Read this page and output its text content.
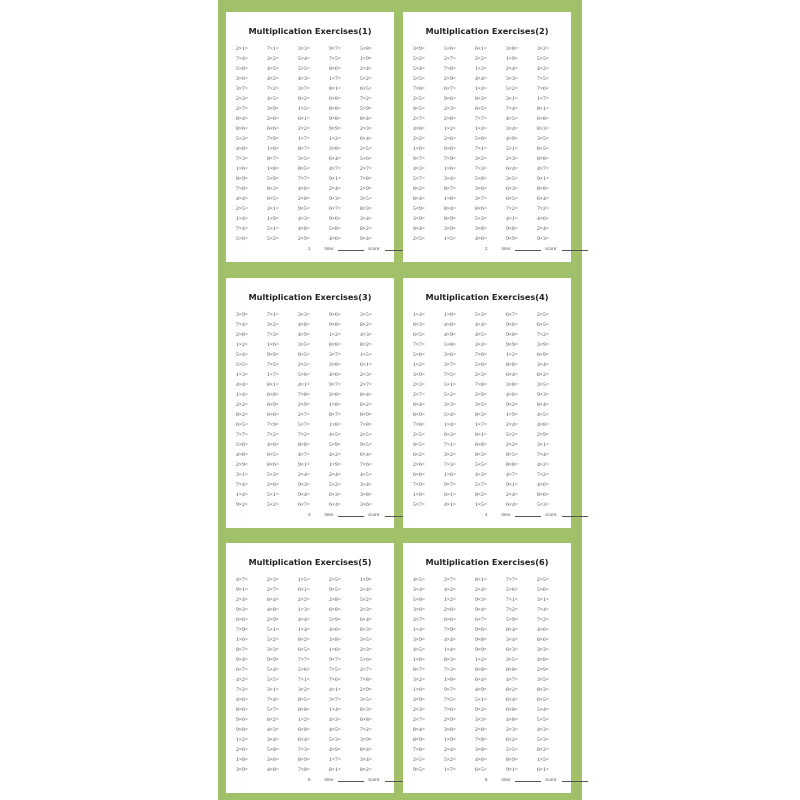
Multiplication Exercises(1)
2×1=	7×1=	3×3=	9×7=	5×8=
7×4=	3×2=	5×4=	7×5=	1×9=
5×8=	4×5=	5×5=	8×6=	2×4=
3×6=	4×2=	4×3=	1×7=	5×2=
3×7=	7×2=	3×7=	8×1=	6×5=
2×3=	4×5=	8×2=	6×8=	7×2=
2×7=	3×9=	1×5=	8×8=	5×9=
8×4=	2×6=	6×1=	9×8=	8×4=
8×6=	6×6=	2×2=	9×9=	2×3=
5×3=	7×9=	1×7=	1×2=	6×4=
4×8=	1×6=	8×7=	3×8=	2×5=
7×3=	8×7=	3×5=	6×4=	5×6=
1×6=	1×8=	8×5=	4×7=	2×7=
8×9=	5×9=	7×7=	9×1=	7×8=
7×8=	8×3=	4×6=	2×4=	2×9=
4×4=	6×5=	2×8=	9×3=	3×5=
2×5=	3×1=	9×5=	6×7=	8×3=
1×4=	1×9=	4×3=	9×6=	3×4=
7×4=	5×1=	4×8=	5×8=	8×2=
5×6=	5×2=	2×9=	4×6=	9×4=
1	time:	score:
Multiplication Exercises(2)
3×9=	5×6=	6×1=	3×8=	3×2=
5×2=	2×7=	2×2=	1×9=	5×5=
5×4=	7×8=	1×3=	2×4=	4×2=
5×5=	2×9=	4×4=	3×3=	7×5=
7×8=	6×7=	1×4=	5×2=	7×6=
2×5=	9×6=	8×3=	3×1=	1×7=
9×5=	2×3=	6×5=	7×4=	8×1=
2×7=	2×8=	7×7=	4×5=	6×8=
4×8=	1×2=	1×4=	3×4=	8×3=
2×2=	2×6=	5×6=	4×9=	3×5=
1×6=	6×6=	7×1=	5×1=	8×5=
9×7=	7×9=	3×2=	2×3=	8×8=
4×3=	1×6=	7×3=	6×4=	4×7=
5×7=	3×4=	5×8=	3×5=	9×1=
8×2=	8×7=	3×6=	6×3=	8×8=
8×4=	1×8=	3×7=	6×5=	6×4=
5×9=	8×4=	8×6=	7×2=	7×2=
3×9=	8×9=	5×3=	4×1=	4×6=
9×4=	3×9=	3×8=	9×8=	2×4=
2×5=	1×5=	4×6=	9×9=	9×3=
2	time:	score:
Multiplication Exercises(3)
3×9=	7×1=	3×3=	9×6=	3×5=
7×4=	3×2=	4×8=	9×8=	8×2=
2×8=	7×3=	4×9=	1×2=	4×3=
1×2=	1×6=	3×5=	8×8=	8×2=
5×4=	9×9=	8×5=	3×7=	1×5=
5×5=	7×5=	2×5=	3×8=	6×1=
1×3=	1×7=	5×6=	4×6=	2×3=
4×4=	8×1=	4×1=	9×7=	2×7=
1×4=	6×8=	7×8=	3×8=	8×4=
2×2=	6×9=	2×9=	1×8=	6×2=
8×2=	6×6=	2×7=	8×7=	8×9=
6×5=	7×9=	5×7=	1×8=	7×8=
7×7=	7×2=	7×2=	4×5=	2×5=
5×6=	4×6=	8×8=	5×9=	9×5=
4×8=	6×5=	4×7=	4×2=	6×4=
2×9=	8×6=	9×1=	1×9=	7×6=
3×1=	5×3=	2×4=	2×4=	4×5=
7×4=	2×6=	9×3=	5×2=	3×4=
1×4=	5×1=	9×4=	6×3=	3×8=
9×2=	5×2=	6×7=	6×4=	3×6=
3	time:	score:
Multiplication Exercises(4)
1×4=	1×8=	5×3=	6×7=	2×5=
8×3=	4×8=	4×4=	9×6=	6×5=
6×5=	4×9=	4×5=	9×8=	7×2=
7×7=	5×8=	3×4=	9×9=	3×9=
5×6=	3×6=	7×6=	1×2=	6×9=
1×2=	3×7=	5×6=	8×8=	3×4=
3×9=	7×5=	2×3=	6×4=	8×2=
2×3=	5×1=	7×8=	3×8=	3×5=
2×7=	5×2=	2×9=	4×6=	9×3=
8×4=	3×3=	3×5=	9×2=	8×4=
8×9=	5×4=	8×3=	1×9=	4×5=
7×8=	1×4=	1×7=	2×4=	4×8=
2×5=	6×3=	8×1=	5×2=	2×9=
9×5=	7×1=	6×8=	2×2=	3×1=
6×2=	3×2=	8×3=	8×5=	7×4=
2×6=	7×3=	5×5=	8×8=	4×2=
6×6=	1×6=	4×3=	4×7=	7×2=
7×9=	9×7=	5×7=	9×1=	4×6=
1×6=	6×1=	8×2=	2×4=	8×6=
5×7=	4×1=	1×5=	6×4=	5×3=
4	time:	score:
Multiplication Exercises(5)
4×7=	2×3=	1×5=	2×5=	1×9=
9×1=	2×7=	6×1=	9×5=	2×4=
2×4=	8×4=	2×2=	2×8=	5×2=
9×3=	4×8=	1×3=	6×8=	2×3=
6×6=	2×9=	4×4=	5×9=	6×4=
7×9=	5×1=	1×4=	4×6=	8×3=
1×6=	5×2=	8×2=	3×8=	3×5=
8×7=	3×3=	6×5=	1×6=	2×3=
9×4=	9×9=	7×7=	9×7=	5×6=
6×7=	5×4=	5×6=	7×5=	2×7=
4×2=	5×5=	7×1=	7×6=	7×8=
7×2=	3×1=	3×2=	4×1=	2×9=
4×6=	7×4=	8×5=	3×7=	3×5=
8×6=	5×7=	8×8=	1×4=	8×3=
9×6=	8×2=	1×2=	4×3=	6×8=
9×8=	4×3=	6×8=	4×5=	7×2=
1×2=	3×4=	6×4=	5×3=	3×9=
2×6=	5×8=	7×3=	4×9=	8×4=
1×8=	3×6=	8×9=	1×7=	3×4=
3×9=	4×8=	7×8=	8×1=	8×2=
5	time:	score:
Multiplication Exercises(6)
4×5=	2×7=	8×1=	7×7=	2×5=
3×4=	4×2=	2×4=	5×6=	5×6=
5×8=	1×2=	9×3=	7×1=	3×1=
3×6=	2×6=	9×4=	7×2=	7×4=
3×7=	6×6=	6×7=	5×9=	7×2=
1×4=	7×9=	9×6=	8×4=	4×6=
3×9=	4×4=	9×8=	3×4=	8×6=
4×5=	1×4=	9×9=	6×3=	3×3=
1×6=	8×3=	1×2=	3×5=	4×8=
8×7=	7×3=	8×8=	8×8=	2×9=
3×2=	1×8=	6×4=	4×7=	3×5=
1×6=	9×7=	4×9=	8×2=	8×3=
3×9=	7×5=	5×1=	6×4=	6×5=
2×3=	7×6=	9×2=	6×8=	5×4=
2×7=	2×9=	3×3=	4×8=	5×5=
8×4=	3×8=	2×8=	2×3=	4×3=
8×9=	1×9=	7×8=	6×2=	5×3=
7×8=	2×4=	3×8=	5×5=	8×2=
2×5=	5×2=	4×6=	8×9=	1×5=
9×5=	1×7=	6×5=	9×1=	6×1=
6	time:	score:
